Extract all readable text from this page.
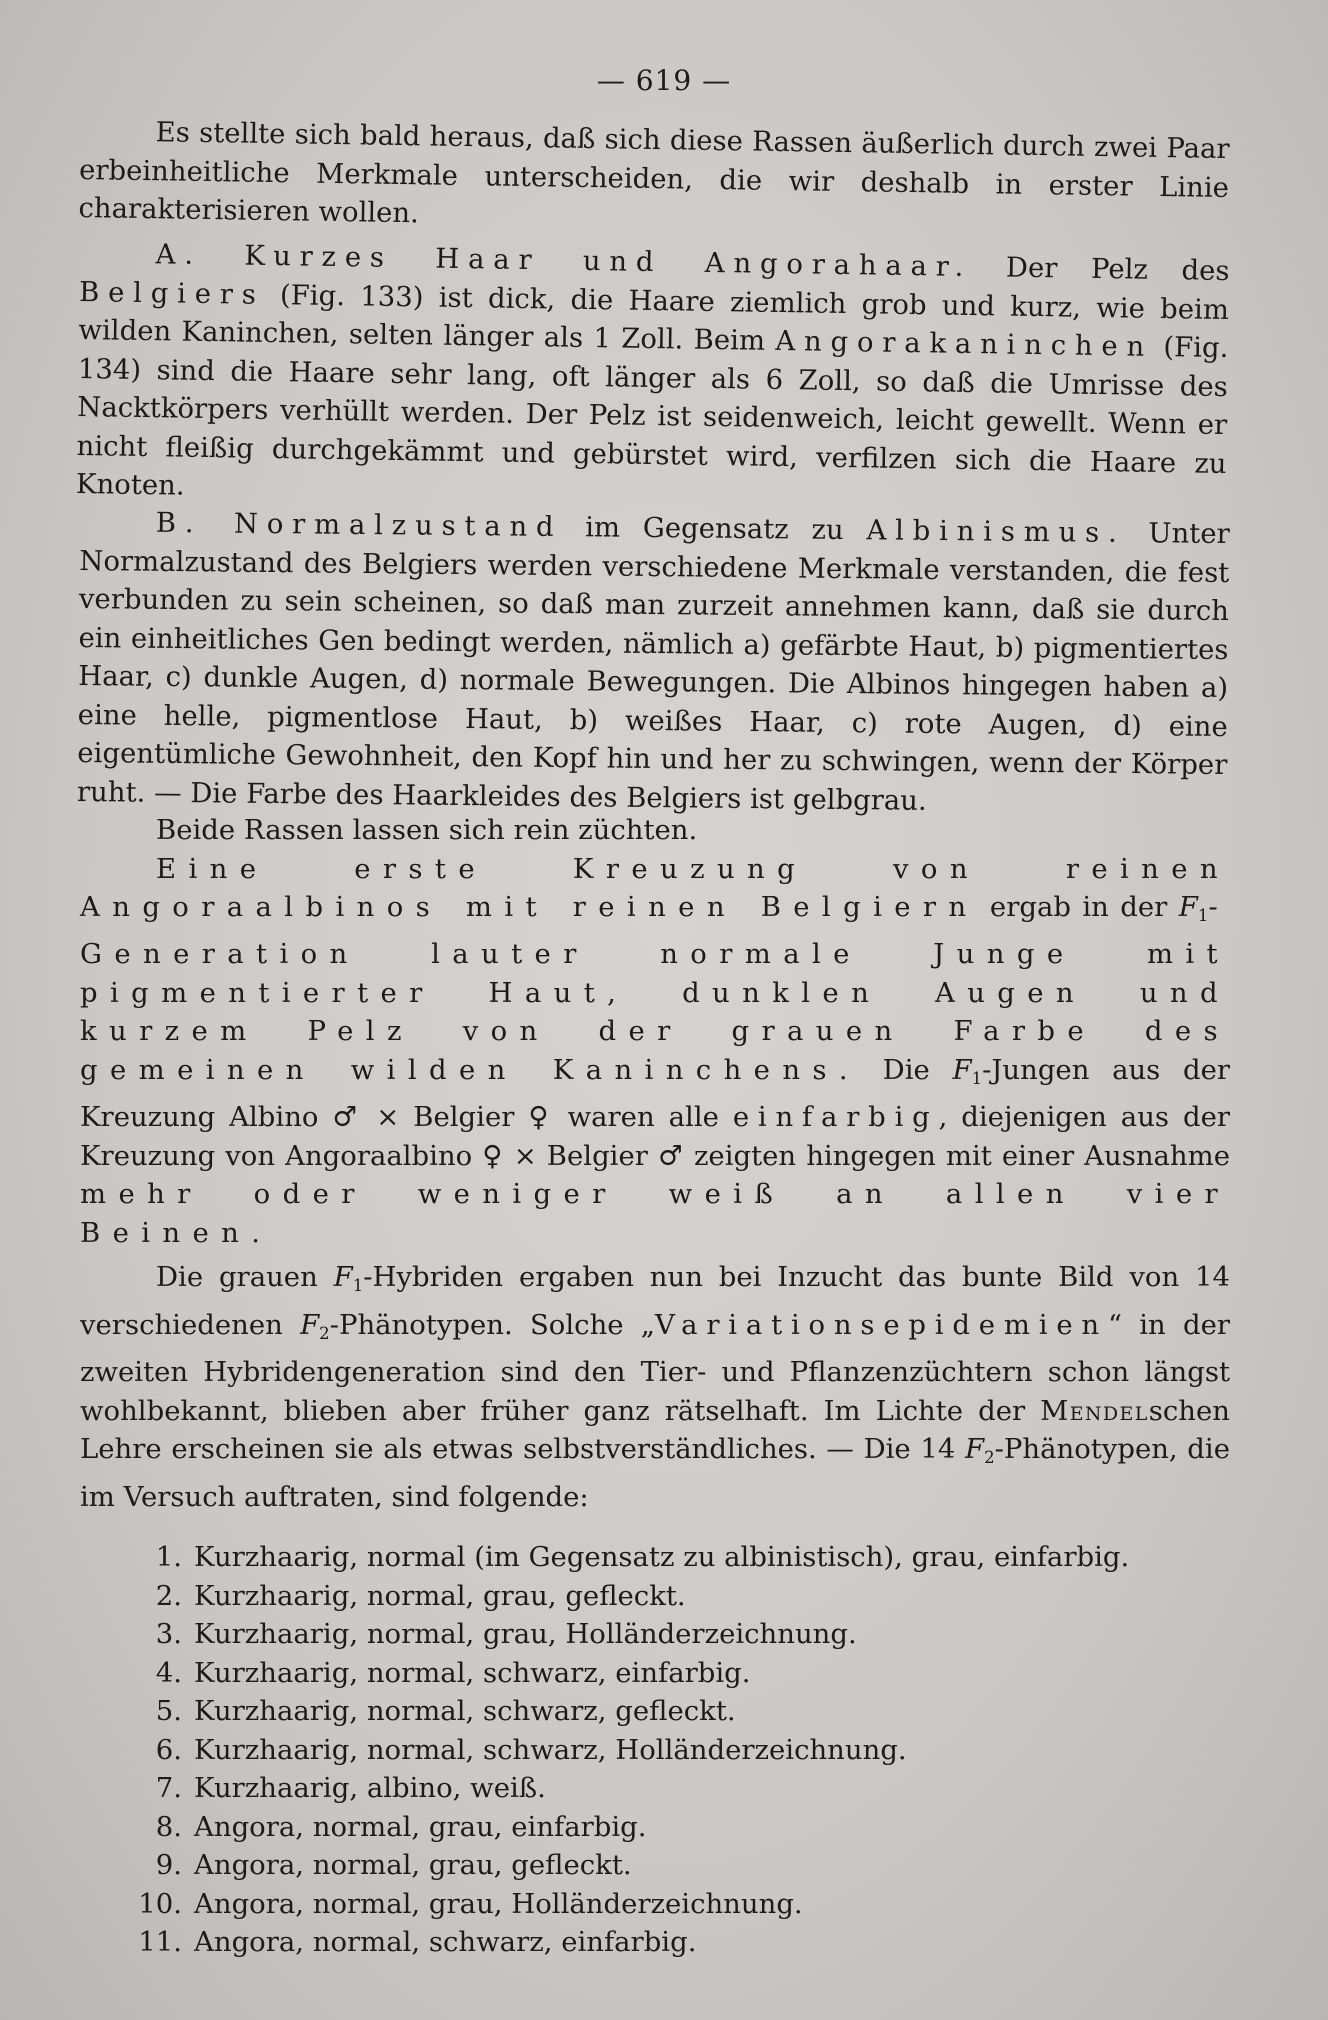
— 619 —

Es stellte sich bald heraus, daß sich diese Rassen äußerlich durch zwei Paar erbeinheitliche Merkmale unterscheiden, die wir deshalb in erster Linie charakterisieren wollen.

A. Kurzes Haar und Angorahaar. Der Pelz des Belgiers (Fig. 133) ist dick, die Haare ziemlich grob und kurz, wie beim wilden Kaninchen, selten länger als 1 Zoll. Beim Angorakaninchen (Fig. 134) sind die Haare sehr lang, oft länger als 6 Zoll, so daß die Umrisse des Nacktkörpers verhüllt werden. Der Pelz ist seidenweich, leicht gewellt. Wenn er nicht fleißig durchgekämmt und gebürstet wird, verfilzen sich die Haare zu Knoten.

B. Normalzustand im Gegensatz zu Albinismus. Unter Normalzustand des Belgiers werden verschiedene Merkmale verstanden, die fest verbunden zu sein scheinen, so daß man zurzeit annehmen kann, daß sie durch ein einheitliches Gen bedingt werden, nämlich a) gefärbte Haut, b) pigmentiertes Haar, c) dunkle Augen, d) normale Bewegungen. Die Albinos hingegen haben a) eine helle, pigmentlose Haut, b) weißes Haar, c) rote Augen, d) eine eigentümliche Gewohnheit, den Kopf hin und her zu schwingen, wenn der Körper ruht. — Die Farbe des Haarkleides des Belgiers ist gelbgrau.

Beide Rassen lassen sich rein züchten.

Eine erste Kreuzung von reinen Angoraalbinos mit reinen Belgiern ergab in der $F_1$-Generation lauter normale Junge mit pigmentierter Haut, dunklen Augen und kurzem Pelz von der grauen Farbe des gemeinen wilden Kaninchens. Die $F_1$-Jungen aus der Kreuzung Albino ♂ × Belgier ♀ waren alle einfarbig, diejenigen aus der Kreuzung von Angoraalbino ♀ × Belgier ♂ zeigten hingegen mit einer Ausnahme mehr oder weniger weiß an allen vier Beinen.

Die grauen $F_1$-Hybriden ergaben nun bei Inzucht das bunte Bild von 14 verschiedenen $F_2$-Phänotypen. Solche „Variationsepidemien“ in der zweiten Hybridengeneration sind den Tier- und Pflanzenzüchtern schon längst wohlbekannt, blieben aber früher ganz rätselhaft. Im Lichte der Mendelschen Lehre erscheinen sie als etwas selbstverständliches. — Die 14 $F_2$-Phänotypen, die im Versuch auftraten, sind folgende:

1. Kurzhaarig, normal (im Gegensatz zu albinistisch), grau, einfarbig.
2. Kurzhaarig, normal, grau, gefleckt.
3. Kurzhaarig, normal, grau, Holländerzeichnung.
4. Kurzhaarig, normal, schwarz, einfarbig.
5. Kurzhaarig, normal, schwarz, gefleckt.
6. Kurzhaarig, normal, schwarz, Holländerzeichnung.
7. Kurzhaarig, albino, weiß.
8. Angora, normal, grau, einfarbig.
9. Angora, normal, grau, gefleckt.
10. Angora, normal, grau, Holländerzeichnung.
11. Angora, normal, schwarz, einfarbig.
